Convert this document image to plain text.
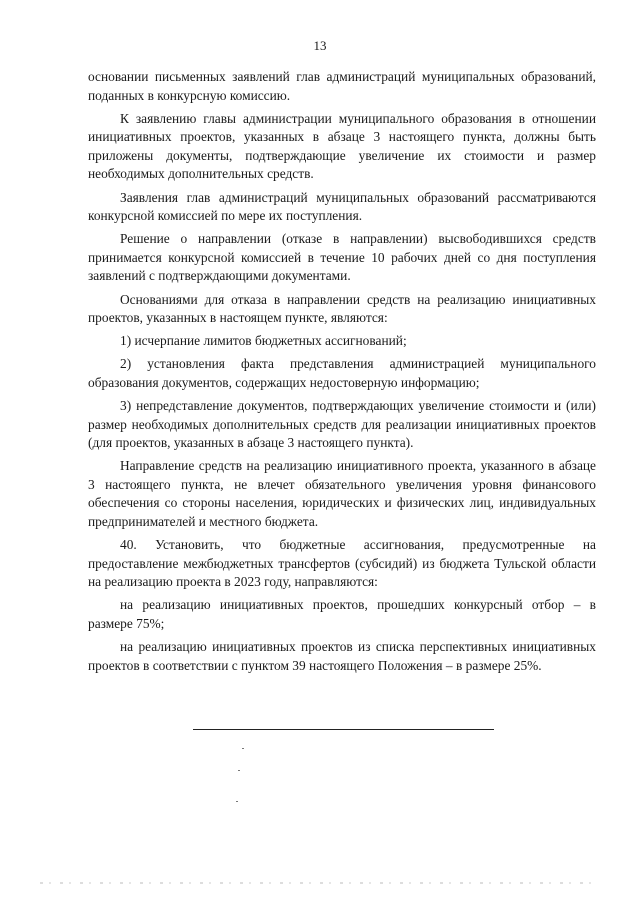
13

основании письменных заявлений глав администраций муниципальных образований, поданных в конкурсную комиссию.

К заявлению главы администрации муниципального образования в отношении инициативных проектов, указанных в абзаце 3 настоящего пункта, должны быть приложены документы, подтверждающие увеличение их стоимости и размер необходимых дополнительных средств.

Заявления глав администраций муниципальных образований рассматриваются конкурсной комиссией по мере их поступления.

Решение о направлении (отказе в направлении) высвободившихся средств принимается конкурсной комиссией в течение 10 рабочих дней со дня поступления заявлений с подтверждающими документами.

Основаниями для отказа в направлении средств на реализацию инициативных проектов, указанных в настоящем пункте, являются:

1) исчерпание лимитов бюджетных ассигнований;

2) установления факта представления администрацией муниципального образования документов, содержащих недостоверную информацию;

3) непредставление документов, подтверждающих увеличение стоимости и (или) размер необходимых дополнительных средств для реализации инициативных проектов (для проектов, указанных в абзаце 3 настоящего пункта).

Направление средств на реализацию инициативного проекта, указанного в абзаце 3 настоящего пункта, не влечет обязательного увеличения уровня финансового обеспечения со стороны населения, юридических и физических лиц, индивидуальных предпринимателей и местного бюджета.

40. Установить, что бюджетные ассигнования, предусмотренные на предоставление межбюджетных трансфертов (субсидий) из бюджета Тульской области на реализацию проекта в 2023 году, направляются:

на реализацию инициативных проектов, прошедших конкурсный отбор – в размере 75%;

на реализацию инициативных проектов из списка перспективных инициативных проектов в соответствии с пунктом 39 настоящего Положения – в размере 25%.
